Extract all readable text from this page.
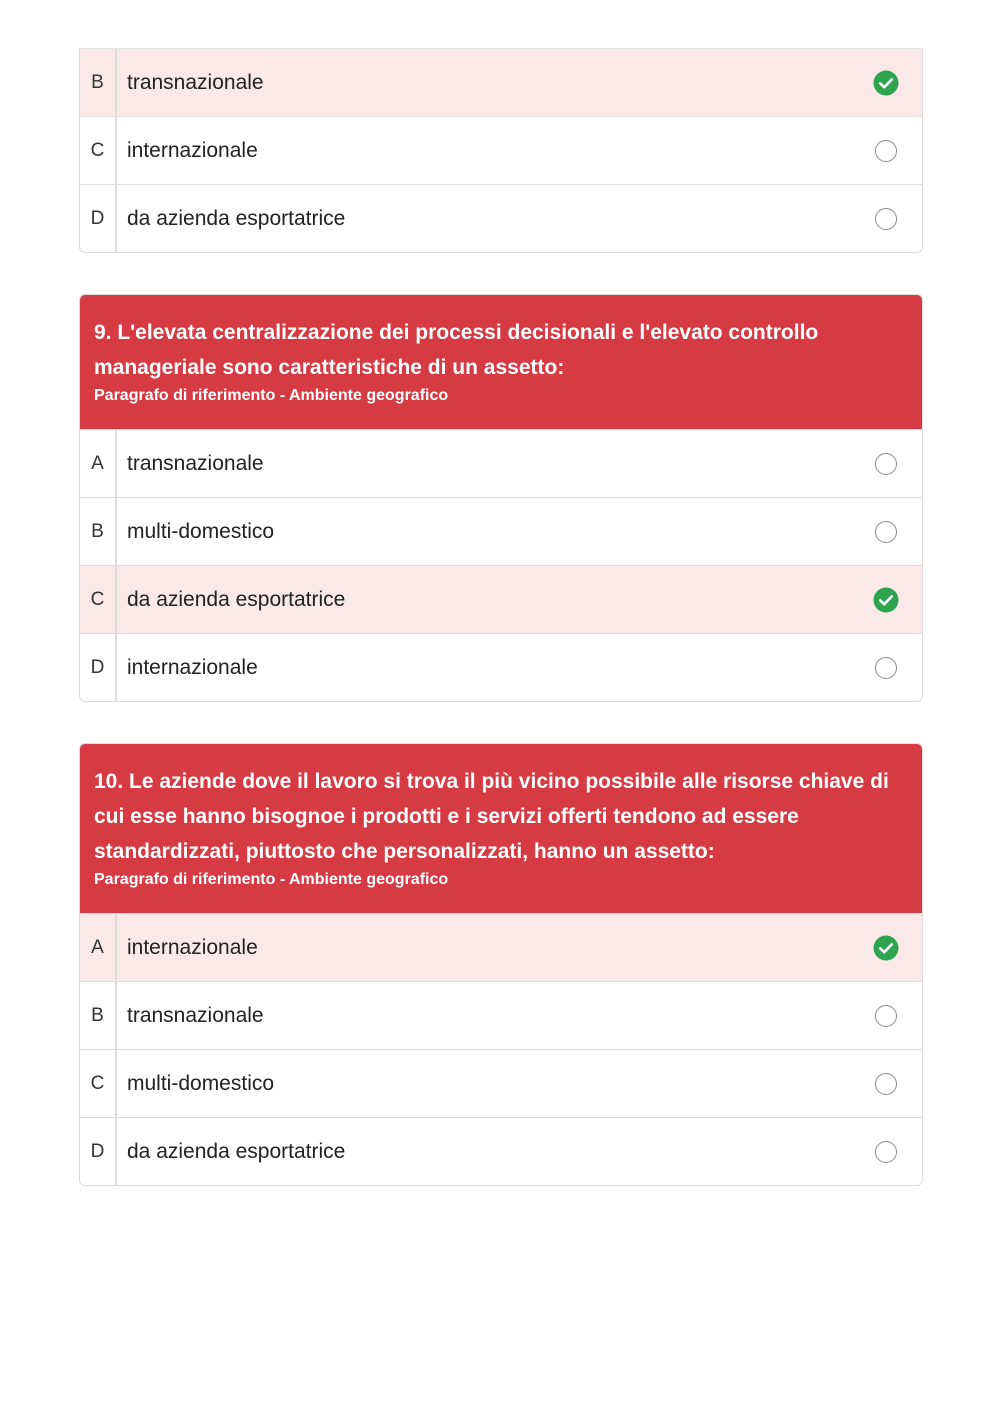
B	transnazionale
C	internazionale
D	da azienda esportatrice

9. L'elevata centralizzazione dei processi decisionali e l'elevato controllo manageriale sono caratteristiche di un assetto:

Paragrafo di riferimento - Ambiente geografico

A	transnazionale
B	multi-domestico
C	da azienda esportatrice
D	internazionale

10. Le aziende dove il lavoro si trova il più vicino possibile alle risorse chiave di cui esse hanno bisognoe i prodotti e i servizi offerti tendono ad essere standardizzati, piuttosto che personalizzati, hanno un assetto:

Paragrafo di riferimento - Ambiente geografico

A	internazionale
B	transnazionale
C	multi-domestico
D	da azienda esportatrice
